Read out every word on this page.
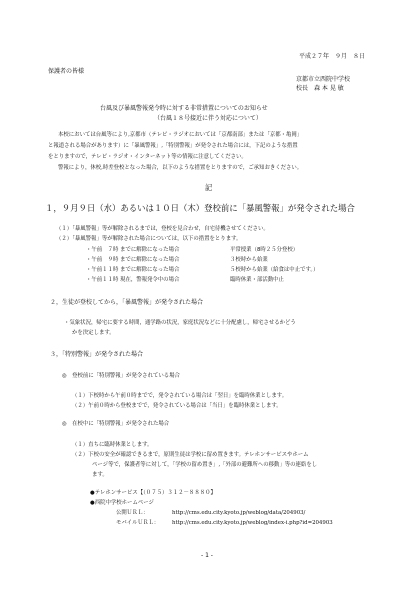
平成２７年　９月　８日
保護者の皆様
京都市立西院中学校
校長　森 本 晃 敏
台風及び暴風警報発令時に対する非常措置についてのお知らせ
（台風１８号接近に伴う対応について）
本校においては台風等により,京都市（テレビ・ラジオにおいては「京都南部」または「京都・亀岡」
と報道される場合があります）に「暴風警報」,「特別警報」が発令された場合には，下記のような措置
をとりますので，テレビ・ラジオ・インターネット等の情報に注意してください。
警報により，休校,時差登校となった場合，以下のような措置をとりますので，ご承知おきください。
記
１，９月９日（水）あるいは１０日（木）登校前に「暴風警報」が発令された場合
（１）「暴風警報」等が解除されるまでは，登校を見合わせ，自宅待機させてください。
（２）「暴風警報」等が解除された場合については，以下の措置をとります。
・午前　７時 までに解除になった場合	平常授業（8時２５分登校）
・午前　９時 までに解除になった場合	３校時から始業
・午前１１時 までに解除になった場合	５校時から始業（給食は中止です。）
・午前１１時 現在，警報発令中の場合	臨時休業・部活動中止
２，生徒が登校してから，「暴風警報」が発令された場合
・気象状況，帰宅に要する時間，通学路の状況，家庭状況などに十分配慮し，帰宅させるかどう
かを決定します。
３，「特別警報」が発令された場合
◎　登校前に「特別警報」が発令されている場合
（１）下校時から午前０時までで，発令されている場合は「翌日」を臨時休業とします。
（２）午前０時から登校までで，発令されている場合は「当日」を臨時休業とします。
◎　在校中に「特別警報」が発令された場合
（１）直ちに臨時休業とします。
（２）下校の安全が確認できるまで，原則生徒は学校に留め置きます。テレホンサービスやホーム
ページ等で，保護者等に対して，「学校の留め置き」,「外部の避難所への移動」等の連絡をし
ます。
●テレホンサービス【（０７５）３１２－８８８０】
●西院中学校ホームページ
公開ＵＲＬ：	http://cms.edu.city.kyoto.jp/weblog/data/204903/
モバイルＵＲＬ： http://cms.edu.city.kyoto.jp/weblog/index-i.php?id=204903
- 1 -
